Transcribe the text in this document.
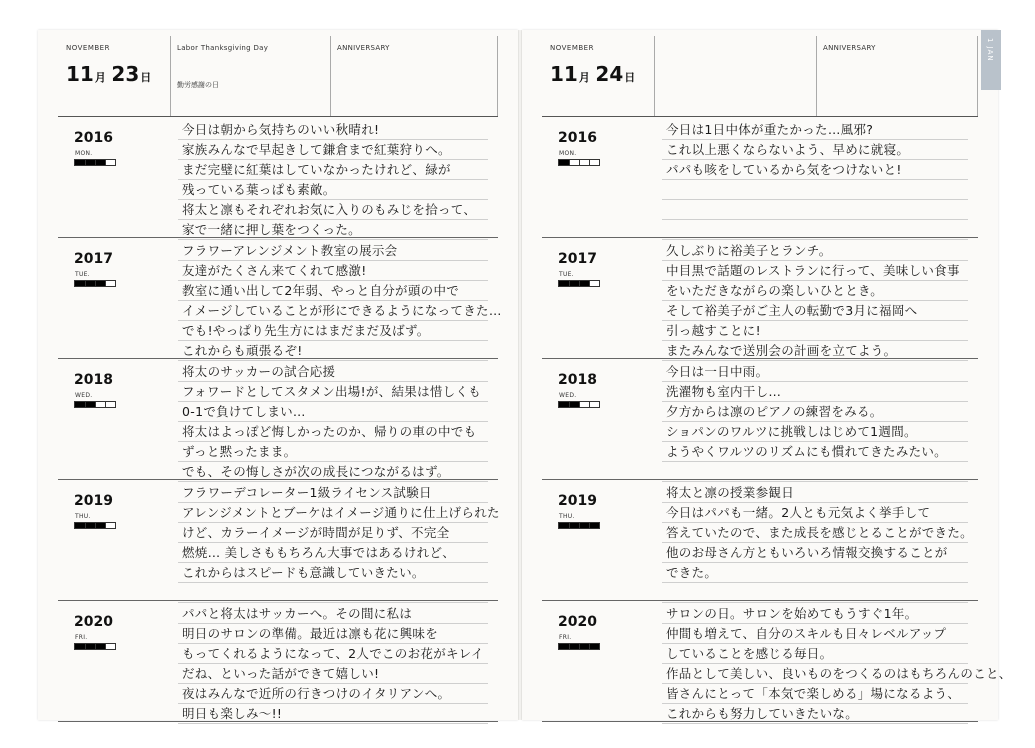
NOVEMBER
11月 23日
Labor Thanksgiving Day
勤労感謝の日
ANNIVERSARY
2016
MON.
今日は朝から気持ちのいい秋晴れ!
家族みんなで早起きして鎌倉まで紅葉狩りへ。
まだ完璧に紅葉はしていなかったけれど、緑が
残っている葉っぱも素敵。
将太と凛もそれぞれお気に入りのもみじを拾って、
家で一緒に押し葉をつくった。
2017
TUE.
フラワーアレンジメント教室の展示会
友達がたくさん来てくれて感激!
教室に通い出して2年弱、やっと自分が頭の中で
イメージしていることが形にできるようになってきた…
でも!やっぱり先生方にはまだまだ及ばず。
これからも頑張るぞ!
2018
WED.
将太のサッカーの試合応援
フォワードとしてスタメン出場!が、結果は惜しくも
0-1で負けてしまい…
将太はよっぽど悔しかったのか、帰りの車の中でも
ずっと黙ったまま。
でも、その悔しさが次の成長につながるはず。
2019
THU.
フラワーデコレーター1級ライセンス試験日
アレンジメントとブーケはイメージ通りに仕上げられた
けど、カラーイメージが時間が足りず、不完全
燃焼… 美しさももちろん大事ではあるけれど、
これからはスピードも意識していきたい。
2020
FRI.
パパと将太はサッカーへ。その間に私は
明日のサロンの準備。最近は凛も花に興味を
もってくれるようになって、2人でこのお花がキレイ
だね、といった話ができて嬉しい!
夜はみんなで近所の行きつけのイタリアンへ。
明日も楽しみ〜!!
NOVEMBER
11月 24日
ANNIVERSARY
2016
MON.
今日は1日中体が重たかった…風邪?
これ以上悪くならないよう、早めに就寝。
パパも咳をしているから気をつけないと!
2017
TUE.
久しぶりに裕美子とランチ。
中目黒で話題のレストランに行って、美味しい食事
をいただきながらの楽しいひととき。
そして裕美子がご主人の転勤で3月に福岡へ
引っ越すことに!
またみんなで送別会の計画を立てよう。
2018
WED.
今日は一日中雨。
洗濯物も室内干し…
夕方からは凛のピアノの練習をみる。
ショパンのワルツに挑戦しはじめて1週間。
ようやくワルツのリズムにも慣れてきたみたい。
2019
THU.
将太と凛の授業参観日
今日はパパも一緒。2人とも元気よく挙手して
答えていたので、また成長を感じとることができた。
他のお母さん方ともいろいろ情報交換することが
できた。
2020
FRI.
サロンの日。サロンを始めてもうすぐ1年。
仲間も増えて、自分のスキルも日々レベルアップ
していることを感じる毎日。
作品として美しい、良いものをつくるのはもちろんのこと、
皆さんにとって「本気で楽しめる」場になるよう、
これからも努力していきたいな。
1 JAN
